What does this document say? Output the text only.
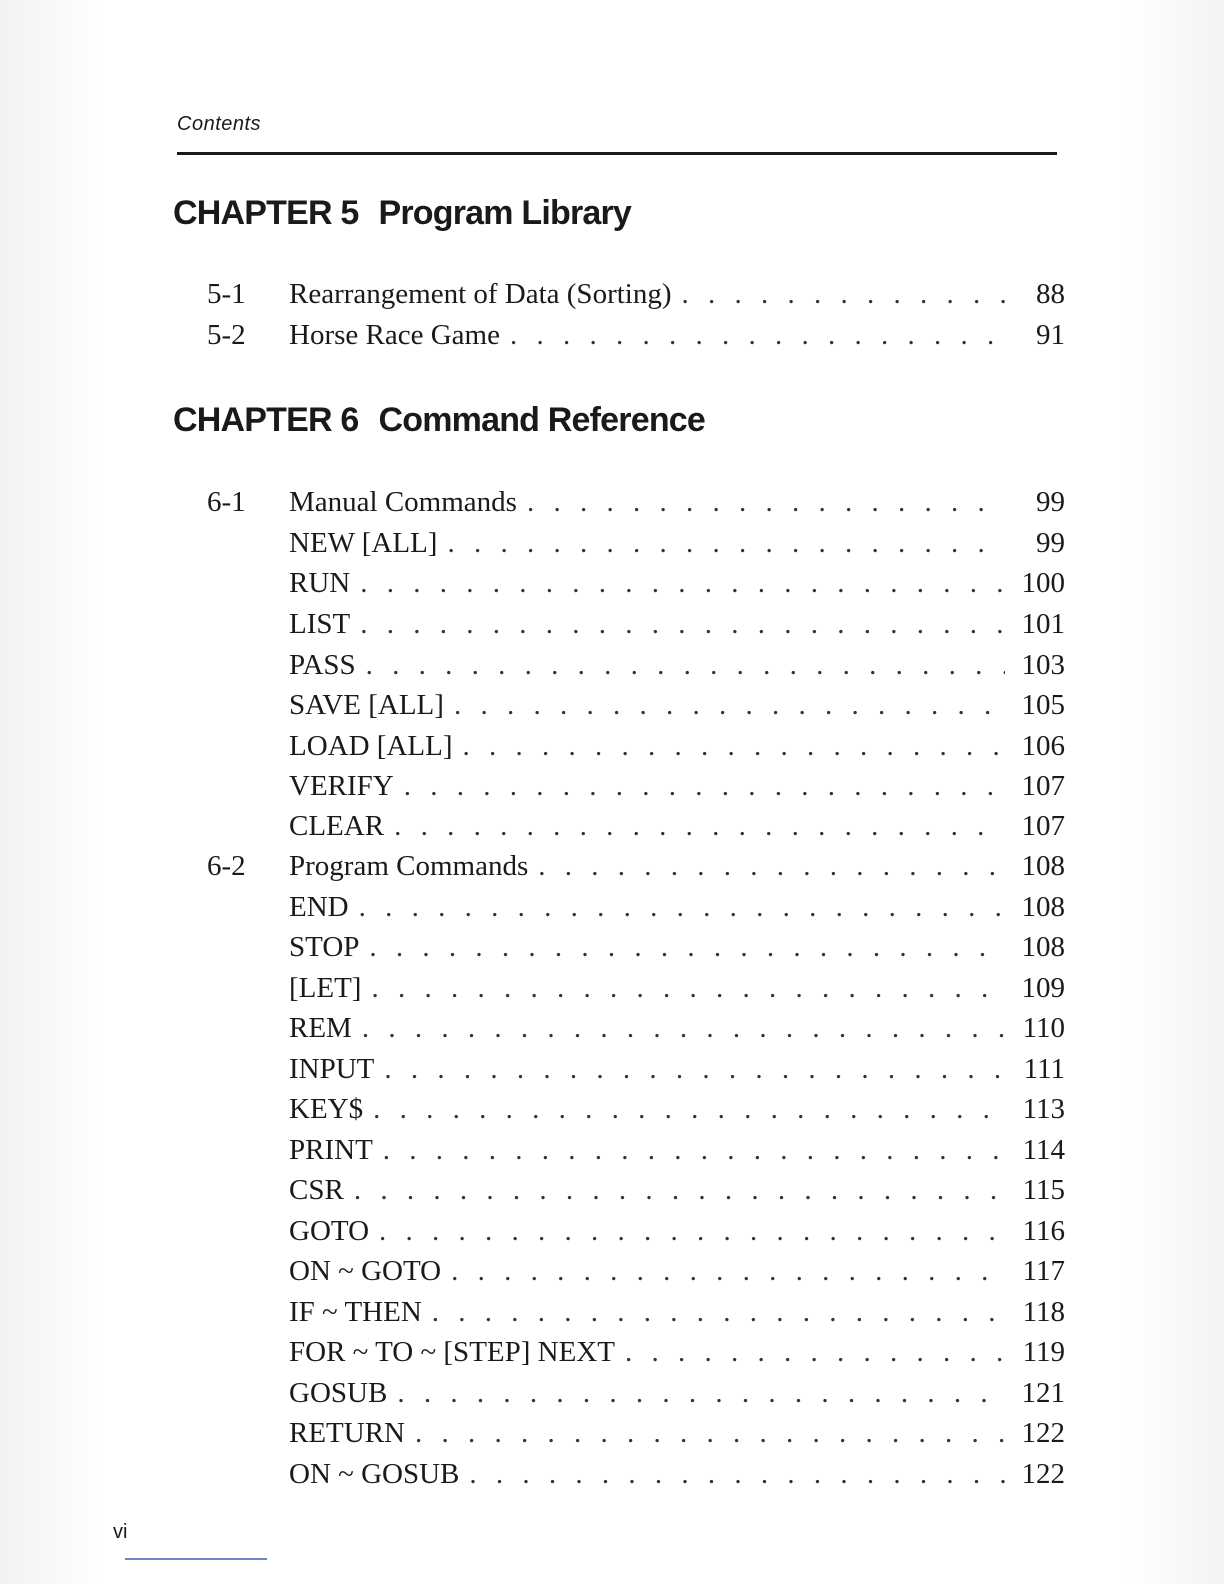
Contents
CHAPTER 5 Program Library
5-1	Rearrangement of Data (Sorting) . . .	88
5-2	Horse Race Game . . .	91
CHAPTER 6 Command Reference
6-1	Manual Commands . . .	99
NEW [ALL] . . .	99
RUN . . .	100
LIST . . .	101
PASS . . .	103
SAVE [ALL] . . .	105
LOAD [ALL] . . .	106
VERIFY . . .	107
CLEAR . . .	107
6-2	Program Commands . . .	108
END . . .	108
STOP . . .	108
[LET] . . .	109
REM . . .	110
INPUT . . .	111
KEY$ . . .	113
PRINT . . .	114
CSR . . .	115
GOTO . . .	116
ON ~ GOTO . . .	117
IF ~ THEN . . .	118
FOR ~ TO ~ [STEP] NEXT . . .	119
GOSUB . . .	121
RETURN . . .	122
ON ~ GOSUB . . .	122
vi
